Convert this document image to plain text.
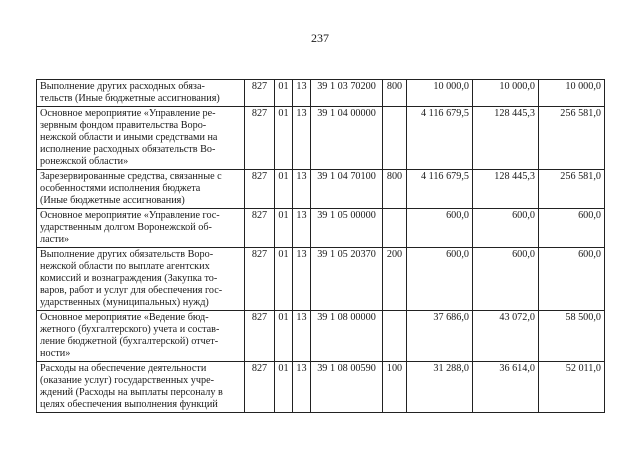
237
Выполнение других расходных обяза-
тельств (Иные бюджетные ассигнования)	827	01	13	39 1 03 70200	800	10 000,0	10 000,0	10 000,0
Основное мероприятие «Управление ре-
зервным фондом правительства Воро-
нежской области и иными средствами на
исполнение расходных обязательств Во-
ронежской области»	827	01	13	39 1 04 00000		4 116 679,5	128 445,3	256 581,0
Зарезервированные средства, связанные с
особенностями исполнения бюджета
(Иные бюджетные ассигнования)	827	01	13	39 1 04 70100	800	4 116 679,5	128 445,3	256 581,0
Основное мероприятие «Управление гос-
ударственным долгом Воронежской об-
ласти»	827	01	13	39 1 05 00000		600,0	600,0	600,0
Выполнение других обязательств Воро-
нежской области по выплате агентских
комиссий и вознаграждения (Закупка то-
варов, работ и услуг для обеспечения гос-
ударственных (муниципальных) нужд)	827	01	13	39 1 05 20370	200	600,0	600,0	600,0
Основное мероприятие «Ведение бюд-
жетного (бухгалтерского) учета и состав-
ление бюджетной (бухгалтерской) отчет-
ности»	827	01	13	39 1 08 00000		37 686,0	43 072,0	58 500,0
Расходы на обеспечение деятельности
(оказание услуг) государственных учре-
ждений (Расходы на выплаты персоналу в
целях обеспечения выполнения функций	827	01	13	39 1 08 00590	100	31 288,0	36 614,0	52 011,0
